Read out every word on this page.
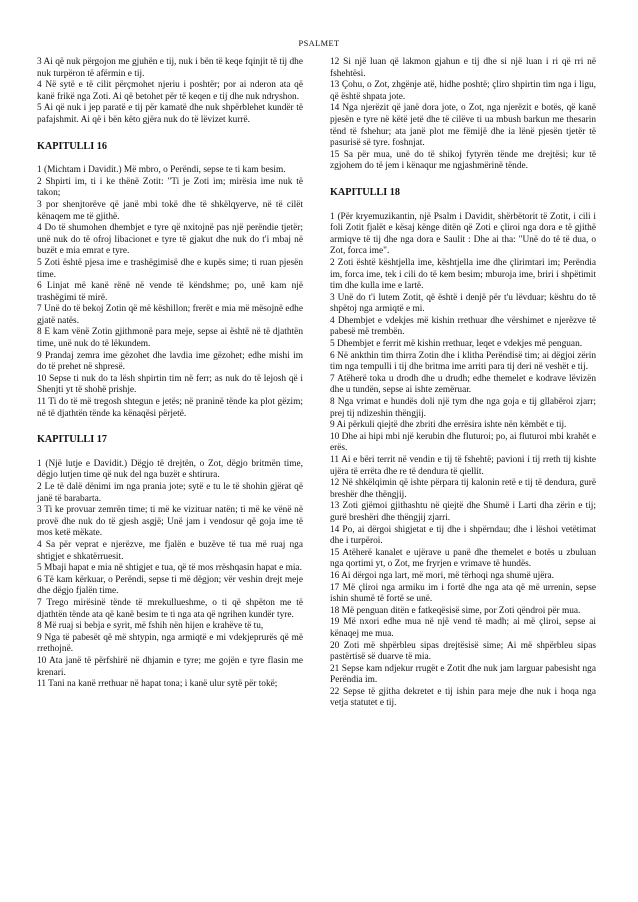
PSALMET

3 Ai që nuk përgojon me gjuhën e tij, nuk i bën të keqe fqinjit të tij dhe nuk turpëron të afërmin e tij.

4 Në sytë e të cilit përçmohet njeriu i poshtër; por ai nderon ata që kanë frikë nga Zoti. Ai që betohet për të keqen e tij dhe nuk ndryshon.

5 Ai që nuk i jep paratë e tij për kamatë dhe nuk shpërblehet kundër të pafajshmit. Ai që i bën këto gjëra nuk do të lëvizet kurrë.

KAPITULLI 16

1 (Michtam i Davidit.) Më mbro, o Perëndi, sepse te ti kam besim.

2 Shpirti im, ti i ke thënë Zotit: "Ti je Zoti im; mirësia ime nuk të takon;

3 por shenjtorëve që janë mbi tokë dhe të shkëlqyerve, në të cilët kënaqem me të gjithë.

4 Do të shumohen dhembjet e tyre që nxitojnë pas një perëndie tjetër; unë nuk do të ofroj libacionet e tyre të gjakut dhe nuk do t'i mbaj në buzët e mia emrat e tyre.

5 Zoti është pjesa ime e trashëgimisë dhe e kupës sime; ti ruan pjesën time.

6 Linjat më kanë rënë në vende të këndshme; po, unë kam një trashëgimi të mirë.

7 Unë do të bekoj Zotin që më këshillon; frerët e mia më mësojnë edhe gjatë natës.

8 E kam vënë Zotin gjithmonë para meje, sepse ai është në të djathtën time, unë nuk do të lëkundem.

9 Prandaj zemra ime gëzohet dhe lavdia ime gëzohet; edhe mishi im do të prehet në shpresë.

10 Sepse ti nuk do ta lësh shpirtin tim në ferr; as nuk do të lejosh që i Shenjti yt të shohë prishje.

11 Ti do të më tregosh shtegun e jetës; në praninë tënde ka plot gëzim; në të djathtën tënde ka kënaqësi përjetë.

KAPITULLI 17

1 (Një lutje e Davidit.) Dëgjo të drejtën, o Zot, dëgjo britmën time, dëgjo lutjen time që nuk del nga buzët e shtirura.

2 Le të dalë dënimi im nga prania jote; sytë e tu le të shohin gjërat që janë të barabarta.

3 Ti ke provuar zemrën time; ti më ke vizituar natën; ti më ke vënë në provë dhe nuk do të gjesh asgjë; Unë jam i vendosur që goja ime të mos ketë mëkate.

4 Sa për veprat e njerëzve, me fjalën e buzëve të tua më ruaj nga shtigjet e shkatërruesit.

5 Mbaji hapat e mia në shtigjet e tua, që të mos rrëshqasin hapat e mia.

6 Të kam kërkuar, o Perëndi, sepse ti më dëgjon; vër veshin drejt meje dhe dëgjo fjalën time.

7 Trego mirësinë tënde të mrekullueshme, o ti që shpëton me të djathtën tënde ata që kanë besim te ti nga ata që ngrihen kundër tyre.

8 Më ruaj si bebja e syrit, më fshih nën hijen e krahëve të tu,

9 Nga të pabesët që më shtypin, nga armiqtë e mi vdekjeprurës që më rrethojnë.

10 Ata janë të përfshirë në dhjamin e tyre; me gojën e tyre flasin me krenari.

11 Tani na kanë rrethuar në hapat tona; i kanë ulur sytë për tokë;

12 Si një luan që lakmon gjahun e tij dhe si një luan i ri që rri në fshehtësi.

13 Çohu, o Zot, zhgënje atë, hidhe poshtë; çliro shpirtin tim nga i ligu, që është shpata jote.

14 Nga njerëzit që janë dora jote, o Zot, nga njerëzit e botës, që kanë pjesën e tyre në këtë jetë dhe të cilëve ti ua mbush barkun me thesarin tënd të fshehur; ata janë plot me fëmijë dhe ia lënë pjesën tjetër të pasurisë së tyre. foshnjat.

15 Sa për mua, unë do të shikoj fytyrën tënde me drejtësi; kur të zgjohem do të jem i kënaqur me ngjashmërinë tënde.

KAPITULLI 18

1 (Për kryemuzikantin, një Psalm i Davidit, shërbëtorit të Zotit, i cili i foli Zotit fjalët e kësaj kënge ditën që Zoti e çliroi nga dora e të gjithë armiqve të tij dhe nga dora e Saulit : Dhe ai tha: "Unë do të të dua, o Zot, forca ime".

2 Zoti është kështjella ime, kështjella ime dhe çlirimtari im; Perëndia im, forca ime, tek i cili do të kem besim; mburoja ime, briri i shpëtimit tim dhe kulla ime e lartë.

3 Unë do t'i lutem Zotit, që është i denjë për t'u lëvduar; kështu do të shpëtoj nga armiqtë e mi.

4 Dhembjet e vdekjes më kishin rrethuar dhe vërshimet e njerëzve të pabesë më trembën.

5 Dhembjet e ferrit më kishin rrethuar, leqet e vdekjes më penguan.

6 Në ankthin tim thirra Zotin dhe i klitha Perëndisë tim; ai dëgjoi zërin tim nga tempulli i tij dhe britma ime arriti para tij deri në veshët e tij.

7 Atëherë toka u drodh dhe u drudh; edhe themelet e kodrave lëvizën dhe u tundën, sepse ai ishte zemëruar.

8 Nga vrimat e hundës doli një tym dhe nga goja e tij gllabëroi zjarr; prej tij ndizeshin thëngjij.

9 Ai përkuli qiejtë dhe zbriti dhe errësira ishte nën këmbët e tij.

10 Dhe ai hipi mbi një kerubin dhe fluturoi; po, ai fluturoi mbi krahët e erës.

11 Ai e bëri territ në vendin e tij të fshehtë; pavioni i tij rreth tij kishte ujëra të errëta dhe re të dendura të qiellit.

12 Në shkëlqimin që ishte përpara tij kalonin retë e tij të dendura, gurë breshër dhe thëngjij.

13 Zoti gjëmoi gjithashtu në qiejtë dhe Shumë i Larti dha zërin e tij; gurë breshëri dhe thëngjij zjarri.

14 Po, ai dërgoi shigjetat e tij dhe i shpërndau; dhe i lëshoi vetëtimat dhe i turpëroi.

15 Atëherë kanalet e ujërave u panë dhe themelet e botës u zbuluan nga qortimi yt, o Zot, me fryrjen e vrimave të hundës.

16 Ai dërgoi nga lart, më mori, më tërhoqi nga shumë ujëra.

17 Më çliroi nga armiku im i fortë dhe nga ata që më urrenin, sepse ishin shumë të fortë se unë.

18 Më penguan ditën e fatkeqësisë sime, por Zoti qëndroi për mua.

19 Më nxori edhe mua në një vend të madh; ai më çliroi, sepse ai kënaqej me mua.

20 Zoti më shpërbleu sipas drejtësisë sime; Ai më shpërbleu sipas pastërtisë së duarve të mia.

21 Sepse kam ndjekur rrugët e Zotit dhe nuk jam larguar pabesisht nga Perëndia im.

22 Sepse të gjitha dekretet e tij ishin para meje dhe nuk i hoqa nga vetja statutet e tij.
